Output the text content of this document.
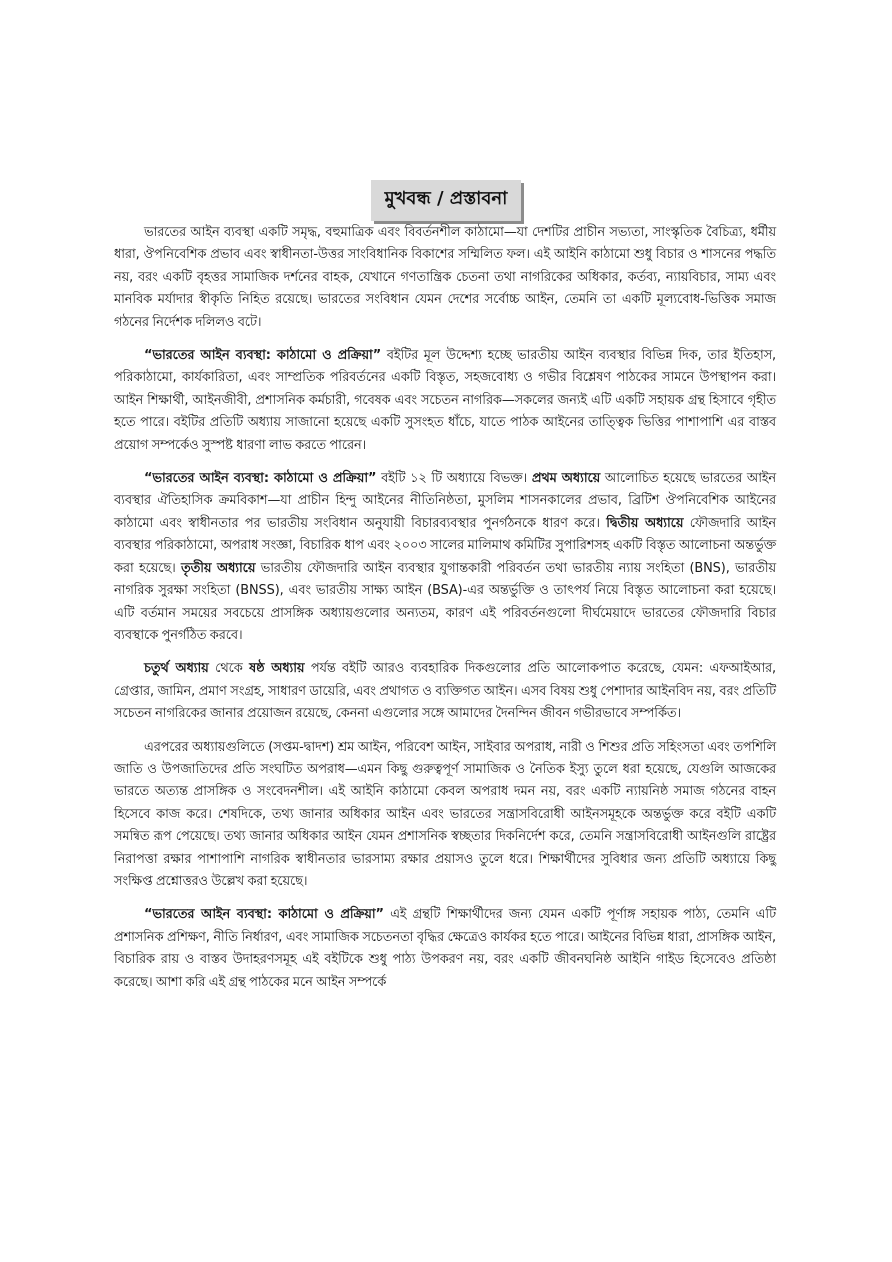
মুখবন্ধ / প্রস্তাবনা

ভারতের আইন ব্যবস্থা একটি সমৃদ্ধ, বহুমাত্রিক এবং বিবর্তনশীল কাঠামো—যা দেশটির প্রাচীন সভ্যতা, সাংস্কৃতিক বৈচিত্র্য, ধর্মীয় ধারা, ঔপনিবেশিক প্রভাব এবং স্বাধীনতা-উত্তর সাংবিধানিক বিকাশের সম্মিলিত ফল। এই আইনি কাঠামো শুধু বিচার ও শাসনের পদ্ধতি নয়, বরং একটি বৃহত্তর সামাজিক দর্শনের বাহক, যেখানে গণতান্ত্রিক চেতনা তথা নাগরিকের অধিকার, কর্তব্য, ন্যায়বিচার, সাম্য এবং মানবিক মর্যাদার স্বীকৃতি নিহিত রয়েছে। ভারতের সংবিধান যেমন দেশের সর্বোচ্চ আইন, তেমনি তা একটি মূল্যবোধ-ভিত্তিক সমাজ গঠনের নির্দেশক দলিলও বটে।

“ভারতের আইন ব্যবস্থা: কাঠামো ও প্রক্রিয়া” বইটির মূল উদ্দেশ্য হচ্ছে ভারতীয় আইন ব্যবস্থার বিভিন্ন দিক, তার ইতিহাস, পরিকাঠামো, কার্যকারিতা, এবং সাম্প্রতিক পরিবর্তনের একটি বিস্তৃত, সহজবোধ্য ও গভীর বিশ্লেষণ পাঠকের সামনে উপস্থাপন করা। আইন শিক্ষার্থী, আইনজীবী, প্রশাসনিক কর্মচারী, গবেষক এবং সচেতন নাগরিক—সকলের জন্যই এটি একটি সহায়ক গ্রন্থ হিসাবে গৃহীত হতে পারে। বইটির প্রতিটি অধ্যায় সাজানো হয়েছে একটি সুসংহত ধাঁচে, যাতে পাঠক আইনের তাত্ত্বিক ভিত্তির পাশাপাশি এর বাস্তব প্রয়োগ সম্পর্কেও সুস্পষ্ট ধারণা লাভ করতে পারেন।

“ভারতের আইন ব্যবস্থা: কাঠামো ও প্রক্রিয়া” বইটি ১২ টি অধ্যায়ে বিভক্ত। প্রথম অধ্যায়ে আলোচিত হয়েছে ভারতের আইন ব্যবস্থার ঐতিহাসিক ক্রমবিকাশ—যা প্রাচীন হিন্দু আইনের নীতিনিষ্ঠতা, মুসলিম শাসনকালের প্রভাব, ব্রিটিশ ঔপনিবেশিক আইনের কাঠামো এবং স্বাধীনতার পর ভারতীয় সংবিধান অনুযায়ী বিচারব্যবস্থার পুনর্গঠনকে ধারণ করে। দ্বিতীয় অধ্যায়ে ফৌজদারি আইন ব্যবস্থার পরিকাঠামো, অপরাধ সংজ্ঞা, বিচারিক ধাপ এবং ২০০৩ সালের মালিমাথ কমিটির সুপারিশসহ একটি বিস্তৃত আলোচনা অন্তর্ভুক্ত করা হয়েছে। তৃতীয় অধ্যায়ে ভারতীয় ফৌজদারি আইন ব্যবস্থার যুগান্তকারী পরিবর্তন তথা ভারতীয় ন্যায় সংহিতা (BNS), ভারতীয় নাগরিক সুরক্ষা সংহিতা (BNSS), এবং ভারতীয় সাক্ষ্য আইন (BSA)-এর অন্তর্ভুক্তি ও তাৎপর্য নিয়ে বিস্তৃত আলোচনা করা হয়েছে। এটি বর্তমান সময়ের সবচেয়ে প্রাসঙ্গিক অধ্যায়গুলোর অন্যতম, কারণ এই পরিবর্তনগুলো দীর্ঘমেয়াদে ভারতের ফৌজদারি বিচার ব্যবস্থাকে পুনর্গঠিত করবে।

চতুর্থ অধ্যায় থেকে ষষ্ঠ অধ্যায় পর্যন্ত বইটি আরও ব্যবহারিক দিকগুলোর প্রতি আলোকপাত করেছে, যেমন: এফআইআর, গ্রেপ্তার, জামিন, প্রমাণ সংগ্রহ, সাধারণ ডায়েরি, এবং প্রথাগত ও ব্যক্তিগত আইন। এসব বিষয় শুধু পেশাদার আইনবিদ নয়, বরং প্রতিটি সচেতন নাগরিকের জানার প্রয়োজন রয়েছে, কেননা এগুলোর সঙ্গে আমাদের দৈনন্দিন জীবন গভীরভাবে সম্পর্কিত।

এরপরের অধ্যায়গুলিতে (সপ্তম-দ্বাদশ) শ্রম আইন, পরিবেশ আইন, সাইবার অপরাধ, নারী ও শিশুর প্রতি সহিংসতা এবং তপশিলি জাতি ও উপজাতিদের প্রতি সংঘটিত অপরাধ—এমন কিছু গুরুত্বপূর্ণ সামাজিক ও নৈতিক ইস্যু তুলে ধরা হয়েছে, যেগুলি আজকের ভারতে অত্যন্ত প্রাসঙ্গিক ও সংবেদনশীল। এই আইনি কাঠামো কেবল অপরাধ দমন নয়, বরং একটি ন্যায়নিষ্ঠ সমাজ গঠনের বাহন হিসেবে কাজ করে। শেষদিকে, তথ্য জানার অধিকার আইন এবং ভারতের সন্ত্রাসবিরোধী আইনসমূহকে অন্তর্ভুক্ত করে বইটি একটি সমন্বিত রূপ পেয়েছে। তথ্য জানার অধিকার আইন যেমন প্রশাসনিক স্বচ্ছতার দিকনির্দেশ করে, তেমনি সন্ত্রাসবিরোধী আইনগুলি রাষ্ট্রের নিরাপত্তা রক্ষার পাশাপাশি নাগরিক স্বাধীনতার ভারসাম্য রক্ষার প্রয়াসও তুলে ধরে। শিক্ষার্থীদের সুবিধার জন্য প্রতিটি অধ্যায়ে কিছু সংক্ষিপ্ত প্রশ্নোত্তরও উল্লেখ করা হয়েছে।

“ভারতের আইন ব্যবস্থা: কাঠামো ও প্রক্রিয়া” এই গ্রন্থটি শিক্ষার্থীদের জন্য যেমন একটি পূর্ণাঙ্গ সহায়ক পাঠ্য, তেমনি এটি প্রশাসনিক প্রশিক্ষণ, নীতি নির্ধারণ, এবং সামাজিক সচেতনতা বৃদ্ধির ক্ষেত্রেও কার্যকর হতে পারে। আইনের বিভিন্ন ধারা, প্রাসঙ্গিক আইন, বিচারিক রায় ও বাস্তব উদাহরণসমূহ এই বইটিকে শুধু পাঠ্য উপকরণ নয়, বরং একটি জীবনঘনিষ্ঠ আইনি গাইড হিসেবেও প্রতিষ্ঠা করেছে। আশা করি এই গ্রন্থ পাঠকের মনে আইন সম্পর্কে
